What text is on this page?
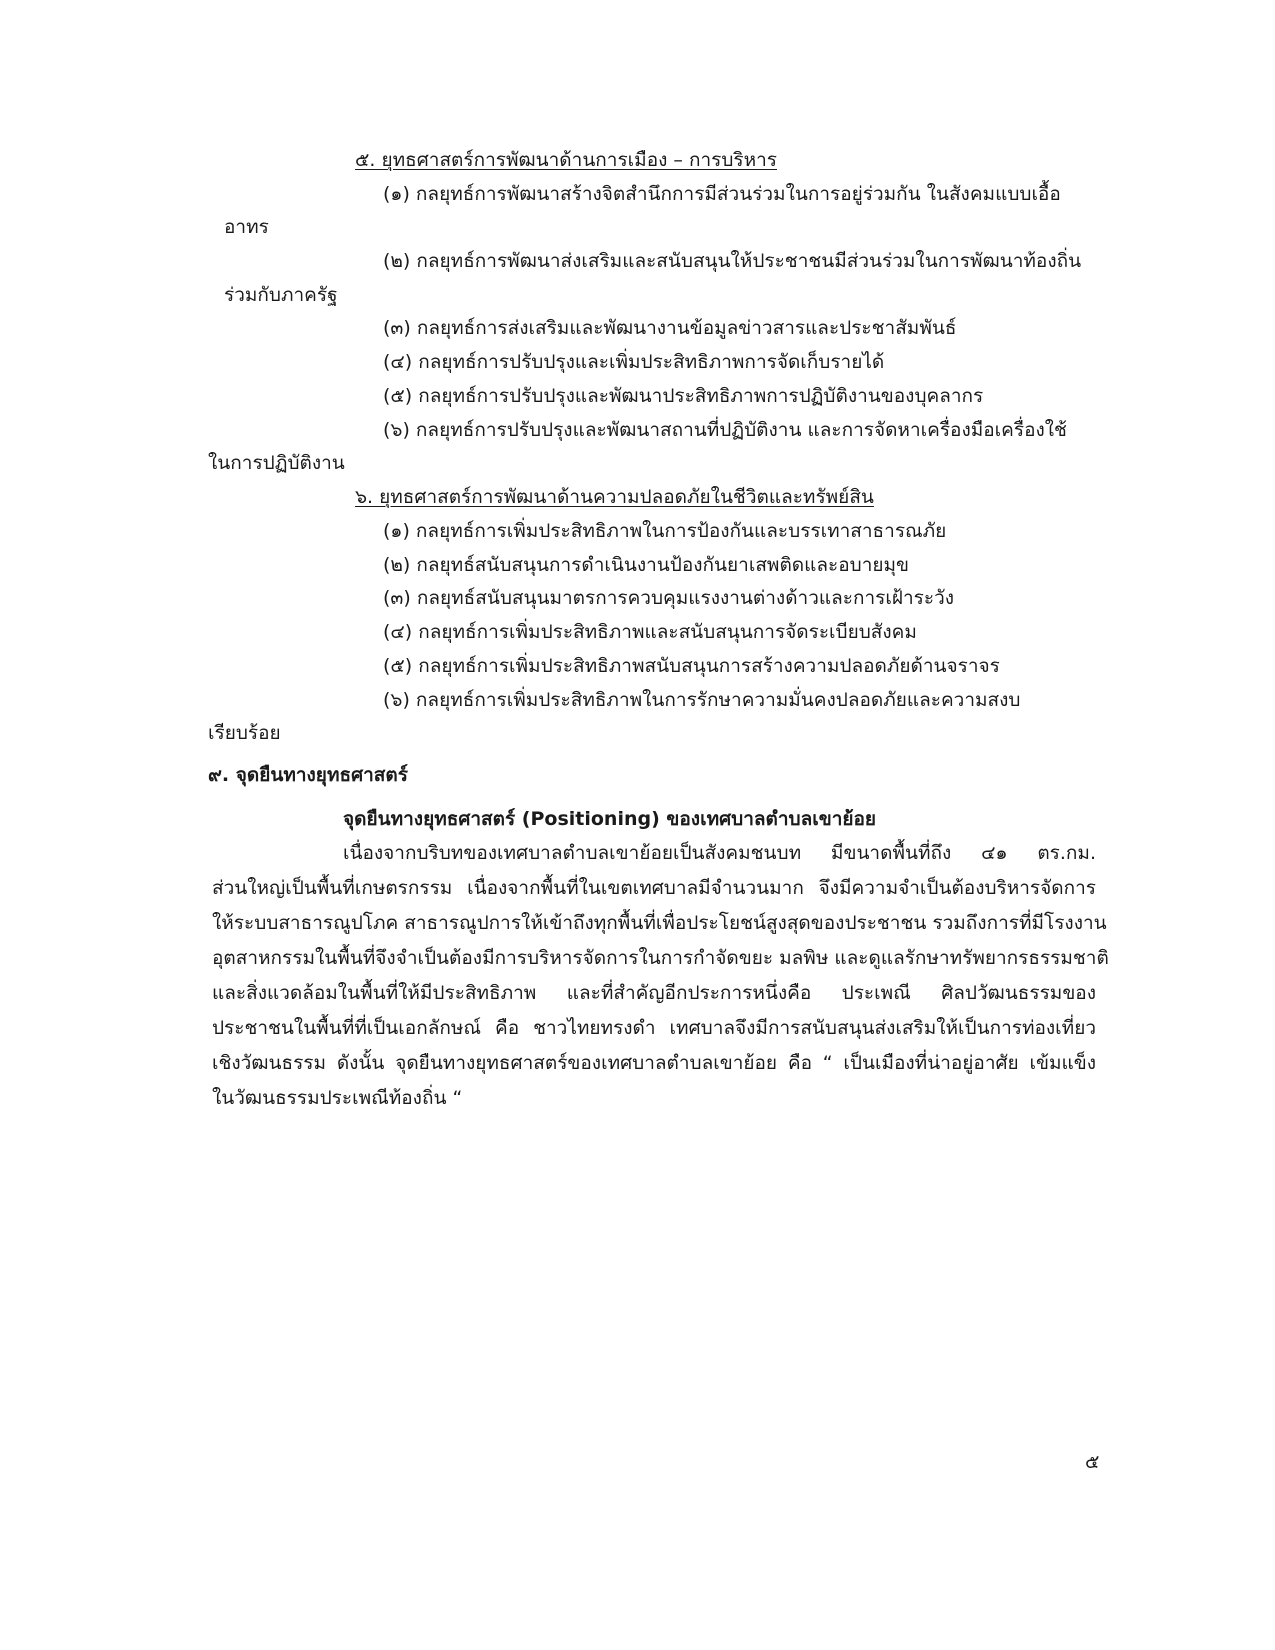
๕. ยุทธศาสตร์การพัฒนาด้านการเมือง – การบริหาร
(๑) กลยุทธ์การพัฒนาสร้างจิตสำนึกการมีส่วนร่วมในการอยู่ร่วมกัน ในสังคมแบบเอื้อ
อาทร
(๒) กลยุทธ์การพัฒนาส่งเสริมและสนับสนุนให้ประชาชนมีส่วนร่วมในการพัฒนาท้องถิ่น
ร่วมกับภาครัฐ
(๓) กลยุทธ์การส่งเสริมและพัฒนางานข้อมูลข่าวสารและประชาสัมพันธ์
(๔) กลยุทธ์การปรับปรุงและเพิ่มประสิทธิภาพการจัดเก็บรายได้
(๕) กลยุทธ์การปรับปรุงและพัฒนาประสิทธิภาพการปฏิบัติงานของบุคลากร
(๖) กลยุทธ์การปรับปรุงและพัฒนาสถานที่ปฏิบัติงาน และการจัดหาเครื่องมือเครื่องใช้
ในการปฏิบัติงาน
๖. ยุทธศาสตร์การพัฒนาด้านความปลอดภัยในชีวิตและทรัพย์สิน
(๑) กลยุทธ์การเพิ่มประสิทธิภาพในการป้องกันและบรรเทาสาธารณภัย
(๒) กลยุทธ์สนับสนุนการดำเนินงานป้องกันยาเสพติดและอบายมุข
(๓) กลยุทธ์สนับสนุนมาตรการควบคุมแรงงานต่างด้าวและการเฝ้าระวัง
(๔) กลยุทธ์การเพิ่มประสิทธิภาพและสนับสนุนการจัดระเบียบสังคม
(๕) กลยุทธ์การเพิ่มประสิทธิภาพสนับสนุนการสร้างความปลอดภัยด้านจราจร
(๖) กลยุทธ์การเพิ่มประสิทธิภาพในการรักษาความมั่นคงปลอดภัยและความสงบ
เรียบร้อย
๙. จุดยืนทางยุทธศาสตร์
จุดยืนทางยุทธศาสตร์ (Positioning) ของเทศบาลตำบลเขาย้อย
เนื่องจากบริบทของเทศบาลตำบลเขาย้อยเป็นสังคมชนบท มีขนาดพื้นที่ถึง ๔๑ ตร.กม.
ส่วนใหญ่เป็นพื้นที่เกษตรกรรม เนื่องจากพื้นที่ในเขตเทศบาลมีจำนวนมาก จึงมีความจำเป็นต้องบริหารจัดการ
ให้ระบบสาธารณูปโภค สาธารณูปการให้เข้าถึงทุกพื้นที่เพื่อประโยชน์สูงสุดของประชาชน รวมถึงการที่มีโรงงาน
อุตสาหกรรมในพื้นที่จึงจำเป็นต้องมีการบริหารจัดการในการกำจัดขยะ มลพิษ และดูแลรักษาทรัพยากรธรรมชาติ
และสิ่งแวดล้อมในพื้นที่ให้มีประสิทธิภาพ และที่สำคัญอีกประการหนึ่งคือ ประเพณี ศิลปวัฒนธรรมของ
ประชาชนในพื้นที่ที่เป็นเอกลักษณ์ คือ ชาวไทยทรงดำ เทศบาลจึงมีการสนับสนุนส่งเสริมให้เป็นการท่องเที่ยว
เชิงวัฒนธรรม ดังนั้น จุดยืนทางยุทธศาสตร์ของเทศบาลตำบลเขาย้อย คือ “ เป็นเมืองที่น่าอยู่อาศัย เข้มแข็ง
ในวัฒนธรรมประเพณีท้องถิ่น “
๕
